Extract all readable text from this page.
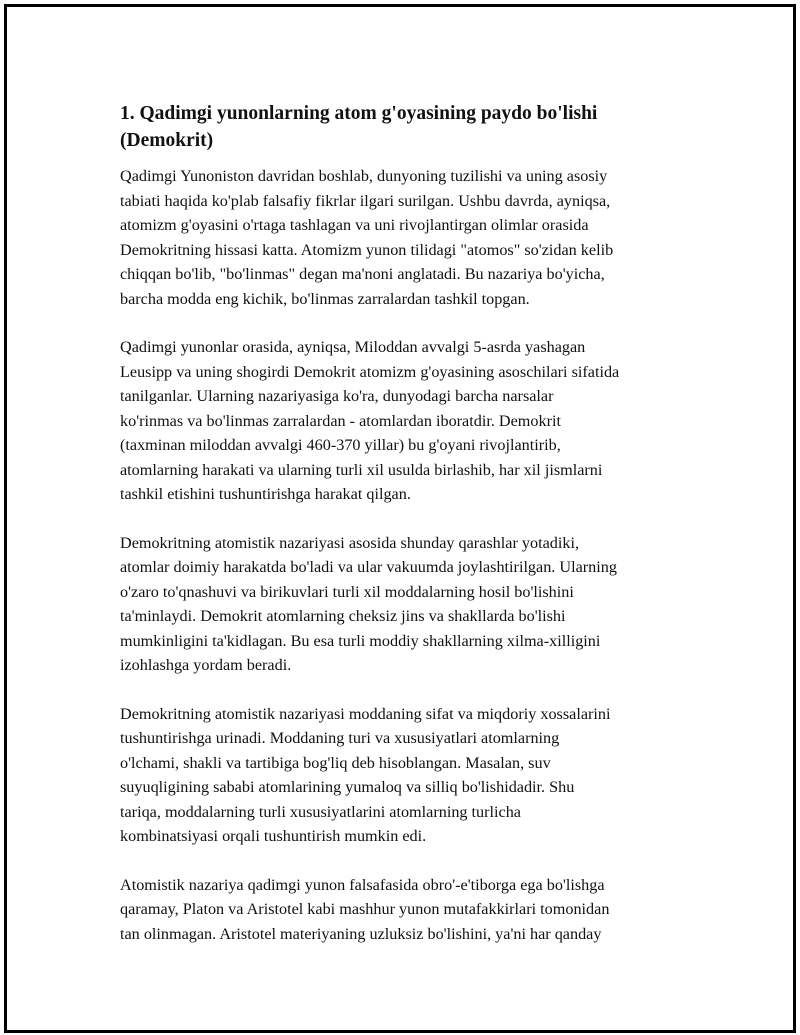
1. Qadimgi yunonlarning atom g'oyasining paydo bo'lishi
(Demokrit)

Qadimgi Yunoniston davridan boshlab, dunyoning tuzilishi va uning asosiy
tabiati haqida ko'plab falsafiy fikrlar ilgari surilgan. Ushbu davrda, ayniqsa,
atomizm g'oyasini o'rtaga tashlagan va uni rivojlantirgan olimlar orasida
Demokritning hissasi katta. Atomizm yunon tilidagi "atomos" so'zidan kelib
chiqqan bo'lib, "bo'linmas" degan ma'noni anglatadi. Bu nazariya bo'yicha,
barcha modda eng kichik, bo'linmas zarralardan tashkil topgan.

Qadimgi yunonlar orasida, ayniqsa, Miloddan avvalgi 5-asrda yashagan
Leusipp va uning shogirdi Demokrit atomizm g'oyasining asoschilari sifatida
tanilganlar. Ularning nazariyasiga ko'ra, dunyodagi barcha narsalar
ko'rinmas va bo'linmas zarralardan - atomlardan iboratdir. Demokrit
(taxminan miloddan avvalgi 460-370 yillar) bu g'oyani rivojlantirib,
atomlarning harakati va ularning turli xil usulda birlashib, har xil jismlarni
tashkil etishini tushuntirishga harakat qilgan.

Demokritning atomistik nazariyasi asosida shunday qarashlar yotadiki,
atomlar doimiy harakatda bo'ladi va ular vakuumda joylashtirilgan. Ularning
o'zaro to'qnashuvi va birikuvlari turli xil moddalarning hosil bo'lishini
ta'minlaydi. Demokrit atomlarning cheksiz jins va shakllarda bo'lishi
mumkinligini ta'kidlagan. Bu esa turli moddiy shakllarning xilma-xilligini
izohlashga yordam beradi.

Demokritning atomistik nazariyasi moddaning sifat va miqdoriy xossalarini
tushuntirishga urinadi. Moddaning turi va xususiyatlari atomlarning
o'lchami, shakli va tartibiga bog'liq deb hisoblangan. Masalan, suv
suyuqligining sababi atomlarining yumaloq va silliq bo'lishidadir. Shu
tariqa, moddalarning turli xususiyatlarini atomlarning turlicha
kombinatsiyasi orqali tushuntirish mumkin edi.

Atomistik nazariya qadimgi yunon falsafasida obro'-e'tiborga ega bo'lishga
qaramay, Platon va Aristotel kabi mashhur yunon mutafakkirlari tomonidan
tan olinmagan. Aristotel materiyaning uzluksiz bo'lishini, ya'ni har qanday
